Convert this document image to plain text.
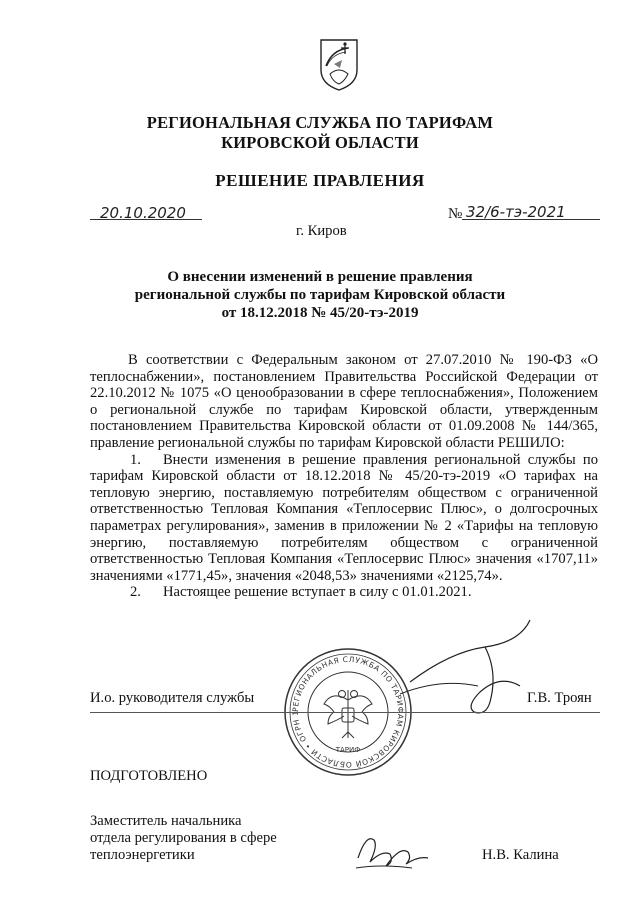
РЕГИОНАЛЬНАЯ СЛУЖБА ПО ТАРИФАМ
КИРОВСКОЙ ОБЛАСТИ
РЕШЕНИЕ ПРАВЛЕНИЯ
20.10.2020	№ 32/6-тэ-2021
г. Киров
О внесении изменений в решение правления
региональной службы по тарифам Кировской области
от 18.12.2018 № 45/20-тэ-2019

В соответствии с Федеральным законом от 27.07.2010 № 190-ФЗ «О теплоснабжении», постановлением Правительства Российской Федерации от 22.10.2012 № 1075 «О ценообразовании в сфере теплоснабжения», Положением о региональной службе по тарифам Кировской области, утвержденным постановлением Правительства Кировской области от 01.09.2008 № 144/365, правление региональной службы по тарифам Кировской области РЕШИЛО:

1. Внести изменения в решение правления региональной службы по тарифам Кировской области от 18.12.2018 № 45/20-тэ-2019 «О тарифах на тепловую энергию, поставляемую потребителям обществом с ограниченной ответственностью Тепловая Компания «Теплосервис Плюс», о долгосрочных параметрах регулирования», заменив в приложении № 2 «Тарифы на тепловую энергию, поставляемую потребителям обществом с ограниченной ответственностью Тепловая Компания «Теплосервис Плюс» значения «1707,11» значениями «1771,45», значения «2048,53» значениями «2125,74».

2. Настоящее решение вступает в силу с 01.01.2021.

И.о. руководителя службы	Г.В. Троян
РЕГИОНАЛЬНАЯ СЛУЖБА ПО ТАРИФАМ КИРОВСКОЙ ОБЛАСТИ • ОГРН 1
ТАРИФ
ПОДГОТОВЛЕНО
Заместитель начальника
отдела регулирования в сфере
теплоэнергетики	Н.В. Калина
